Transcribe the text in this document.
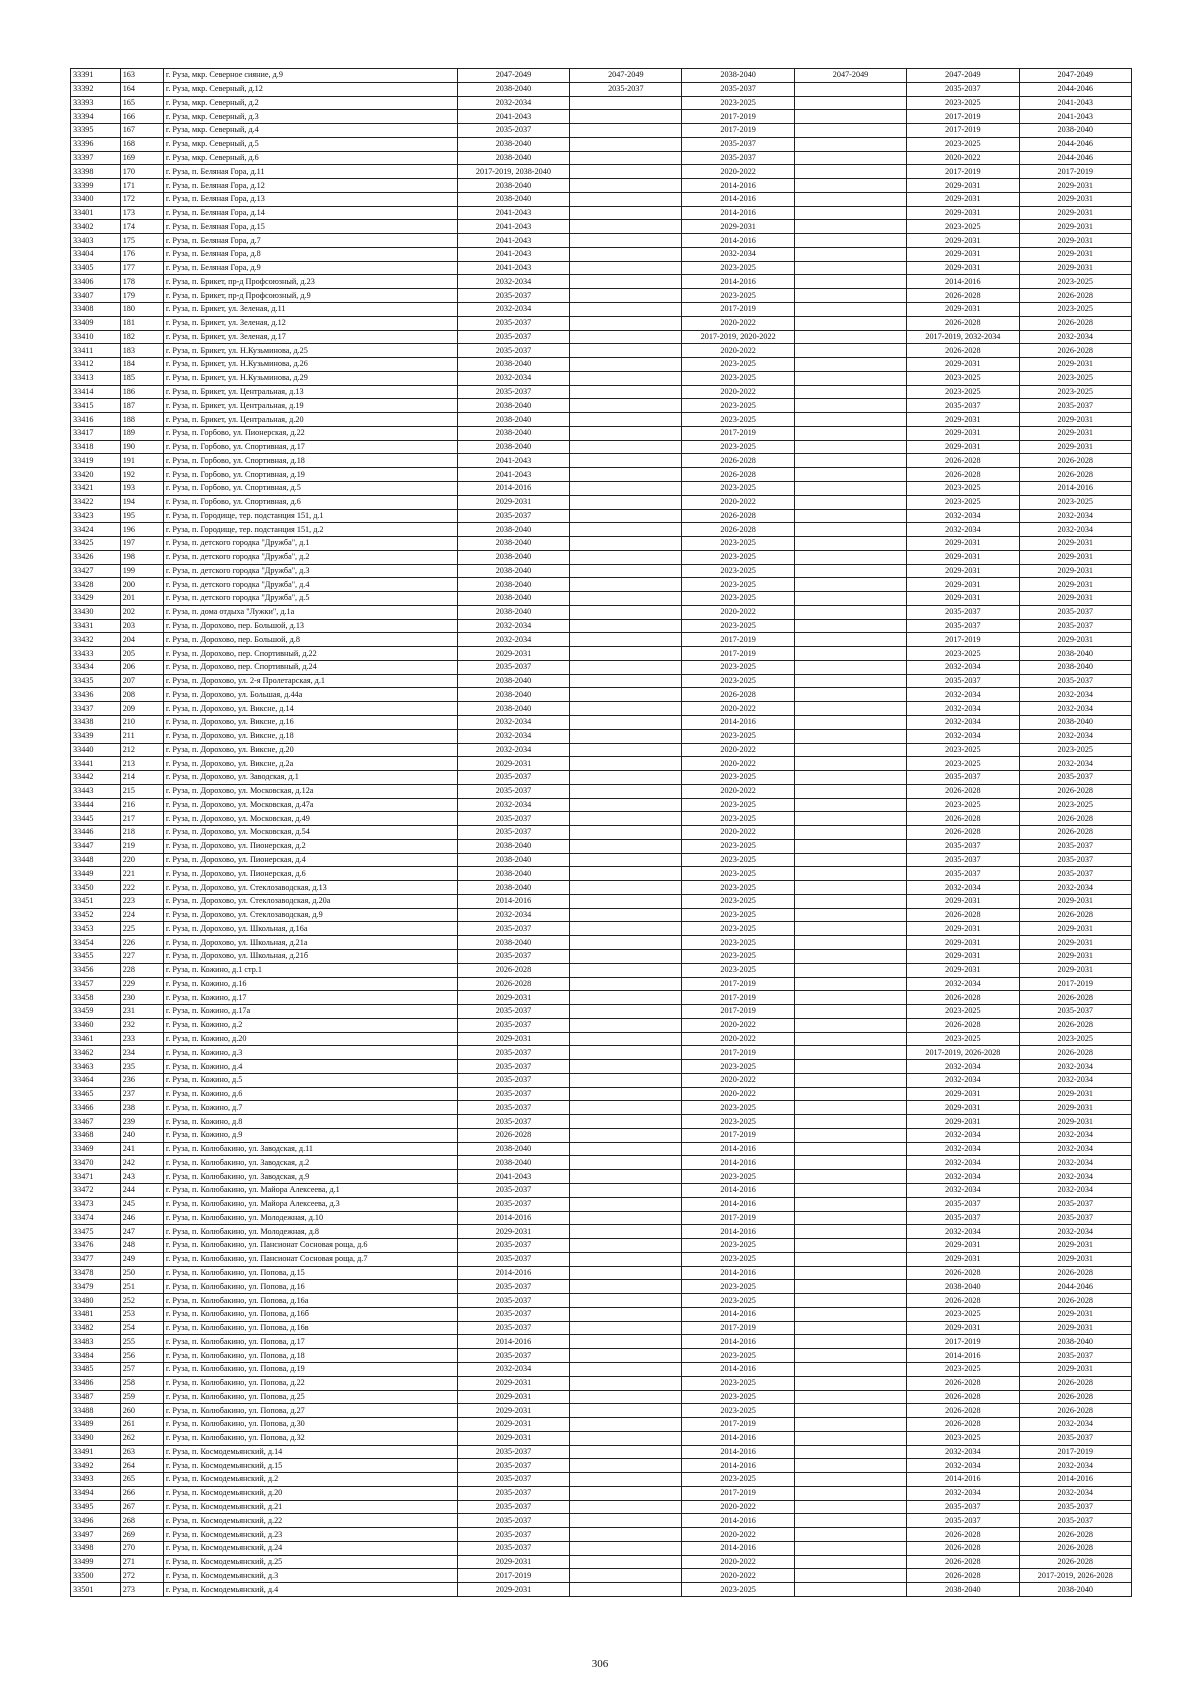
33391	163	г. Руза, мкр. Северное сияние, д.9	2047-2049	2047-2049	2038-2040	2047-2049	2047-2049	2047-2049
33392	164	г. Руза, мкр. Северный, д.12	2038-2040	2035-2037	2035-2037		2035-2037	2044-2046
33393	165	г. Руза, мкр. Северный, д.2	2032-2034		2023-2025		2023-2025	2041-2043
33394	166	г. Руза, мкр. Северный, д.3	2041-2043		2017-2019		2017-2019	2041-2043
33395	167	г. Руза, мкр. Северный, д.4	2035-2037		2017-2019		2017-2019	2038-2040
33396	168	г. Руза, мкр. Северный, д.5	2038-2040		2035-2037		2023-2025	2044-2046
33397	169	г. Руза, мкр. Северный, д.6	2038-2040		2035-2037		2020-2022	2044-2046
33398	170	г. Руза, п. Беляная Гора, д.11	2017-2019, 2038-2040		2020-2022		2017-2019	2017-2019
33399	171	г. Руза, п. Беляная Гора, д.12	2038-2040		2014-2016		2029-2031	2029-2031
33400	172	г. Руза, п. Беляная Гора, д.13	2038-2040		2014-2016		2029-2031	2029-2031
33401	173	г. Руза, п. Беляная Гора, д.14	2041-2043		2014-2016		2029-2031	2029-2031
33402	174	г. Руза, п. Беляная Гора, д.15	2041-2043		2029-2031		2023-2025	2029-2031
33403	175	г. Руза, п. Беляная Гора, д.7	2041-2043		2014-2016		2029-2031	2029-2031
33404	176	г. Руза, п. Беляная Гора, д.8	2041-2043		2032-2034		2029-2031	2029-2031
33405	177	г. Руза, п. Беляная Гора, д.9	2041-2043		2023-2025		2029-2031	2029-2031
33406	178	г. Руза, п. Брикет, пр-д Профсоюзный, д.23	2032-2034		2014-2016		2014-2016	2023-2025
33407	179	г. Руза, п. Брикет, пр-д Профсоюзный, д.9	2035-2037		2023-2025		2026-2028	2026-2028
33408	180	г. Руза, п. Брикет, ул. Зеленая, д.11	2032-2034		2017-2019		2029-2031	2023-2025
33409	181	г. Руза, п. Брикет, ул. Зеленая, д.12	2035-2037		2020-2022		2026-2028	2026-2028
33410	182	г. Руза, п. Брикет, ул. Зеленая, д.17	2035-2037		2017-2019, 2020-2022		2017-2019, 2032-2034	2032-2034
33411	183	г. Руза, п. Брикет, ул. Н.Кузьминова, д.25	2035-2037		2020-2022		2026-2028	2026-2028
33412	184	г. Руза, п. Брикет, ул. Н.Кузьминова, д.26	2038-2040		2023-2025		2029-2031	2029-2031
33413	185	г. Руза, п. Брикет, ул. Н.Кузьминова, д.29	2032-2034		2023-2025		2023-2025	2023-2025
33414	186	г. Руза, п. Брикет, ул. Центральная, д.13	2035-2037		2020-2022		2023-2025	2023-2025
33415	187	г. Руза, п. Брикет, ул. Центральная, д.19	2038-2040		2023-2025		2035-2037	2035-2037
33416	188	г. Руза, п. Брикет, ул. Центральная, д.20	2038-2040		2023-2025		2029-2031	2029-2031
33417	189	г. Руза, п. Горбово, ул. Пионерская, д.22	2038-2040		2017-2019		2029-2031	2029-2031
33418	190	г. Руза, п. Горбово, ул. Спортивная, д.17	2038-2040		2023-2025		2029-2031	2029-2031
33419	191	г. Руза, п. Горбово, ул. Спортивная, д.18	2041-2043		2026-2028		2026-2028	2026-2028
33420	192	г. Руза, п. Горбово, ул. Спортивная, д.19	2041-2043		2026-2028		2026-2028	2026-2028
33421	193	г. Руза, п. Горбово, ул. Спортивная, д.5	2014-2016		2023-2025		2023-2025	2014-2016
33422	194	г. Руза, п. Горбово, ул. Спортивная, д.6	2029-2031		2020-2022		2023-2025	2023-2025
33423	195	г. Руза, п. Городище, тер. подстанция 151, д.1	2035-2037		2026-2028		2032-2034	2032-2034
33424	196	г. Руза, п. Городище, тер. подстанция 151, д.2	2038-2040		2026-2028		2032-2034	2032-2034
33425	197	г. Руза, п. детского городка "Дружба", д.1	2038-2040		2023-2025		2029-2031	2029-2031
33426	198	г. Руза, п. детского городка "Дружба", д.2	2038-2040		2023-2025		2029-2031	2029-2031
33427	199	г. Руза, п. детского городка "Дружба", д.3	2038-2040		2023-2025		2029-2031	2029-2031
33428	200	г. Руза, п. детского городка "Дружба", д.4	2038-2040		2023-2025		2029-2031	2029-2031
33429	201	г. Руза, п. детского городка "Дружба", д.5	2038-2040		2023-2025		2029-2031	2029-2031
33430	202	г. Руза, п. дома отдыха "Лужки", д.1а	2038-2040		2020-2022		2035-2037	2035-2037
33431	203	г. Руза, п. Дорохово, пер. Большой, д.13	2032-2034		2023-2025		2035-2037	2035-2037
33432	204	г. Руза, п. Дорохово, пер. Большой, д.8	2032-2034		2017-2019		2017-2019	2029-2031
33433	205	г. Руза, п. Дорохово, пер. Спортивный, д.22	2029-2031		2017-2019		2023-2025	2038-2040
33434	206	г. Руза, п. Дорохово, пер. Спортивный, д.24	2035-2037		2023-2025		2032-2034	2038-2040
33435	207	г. Руза, п. Дорохово, ул. 2-я Пролетарская, д.1	2038-2040		2023-2025		2035-2037	2035-2037
33436	208	г. Руза, п. Дорохово, ул. Большая, д.44а	2038-2040		2026-2028		2032-2034	2032-2034
33437	209	г. Руза, п. Дорохово, ул. Виксне, д.14	2038-2040		2020-2022		2032-2034	2032-2034
33438	210	г. Руза, п. Дорохово, ул. Виксне, д.16	2032-2034		2014-2016		2032-2034	2038-2040
33439	211	г. Руза, п. Дорохово, ул. Виксне, д.18	2032-2034		2023-2025		2032-2034	2032-2034
33440	212	г. Руза, п. Дорохово, ул. Виксне, д.20	2032-2034		2020-2022		2023-2025	2023-2025
33441	213	г. Руза, п. Дорохово, ул. Виксне, д.2а	2029-2031		2020-2022		2023-2025	2032-2034
33442	214	г. Руза, п. Дорохово, ул. Заводская, д.1	2035-2037		2023-2025		2035-2037	2035-2037
33443	215	г. Руза, п. Дорохово, ул. Московская, д.12а	2035-2037		2020-2022		2026-2028	2026-2028
33444	216	г. Руза, п. Дорохово, ул. Московская, д.47а	2032-2034		2023-2025		2023-2025	2023-2025
33445	217	г. Руза, п. Дорохово, ул. Московская, д.49	2035-2037		2023-2025		2026-2028	2026-2028
33446	218	г. Руза, п. Дорохово, ул. Московская, д.54	2035-2037		2020-2022		2026-2028	2026-2028
33447	219	г. Руза, п. Дорохово, ул. Пионерская, д.2	2038-2040		2023-2025		2035-2037	2035-2037
33448	220	г. Руза, п. Дорохово, ул. Пионерская, д.4	2038-2040		2023-2025		2035-2037	2035-2037
33449	221	г. Руза, п. Дорохово, ул. Пионерская, д.6	2038-2040		2023-2025		2035-2037	2035-2037
33450	222	г. Руза, п. Дорохово, ул. Стеклозаводская, д.13	2038-2040		2023-2025		2032-2034	2032-2034
33451	223	г. Руза, п. Дорохово, ул. Стеклозаводская, д.20а	2014-2016		2023-2025		2029-2031	2029-2031
33452	224	г. Руза, п. Дорохово, ул. Стеклозаводская, д.9	2032-2034		2023-2025		2026-2028	2026-2028
33453	225	г. Руза, п. Дорохово, ул. Школьная, д.16а	2035-2037		2023-2025		2029-2031	2029-2031
33454	226	г. Руза, п. Дорохово, ул. Школьная, д.21а	2038-2040		2023-2025		2029-2031	2029-2031
33455	227	г. Руза, п. Дорохово, ул. Школьная, д.21б	2035-2037		2023-2025		2029-2031	2029-2031
33456	228	г. Руза, п. Кожино, д.1 стр.1	2026-2028		2023-2025		2029-2031	2029-2031
33457	229	г. Руза, п. Кожино, д.16	2026-2028		2017-2019		2032-2034	2017-2019
33458	230	г. Руза, п. Кожино, д.17	2029-2031		2017-2019		2026-2028	2026-2028
33459	231	г. Руза, п. Кожино, д.17а	2035-2037		2017-2019		2023-2025	2035-2037
33460	232	г. Руза, п. Кожино, д.2	2035-2037		2020-2022		2026-2028	2026-2028
33461	233	г. Руза, п. Кожино, д.20	2029-2031		2020-2022		2023-2025	2023-2025
33462	234	г. Руза, п. Кожино, д.3	2035-2037		2017-2019		2017-2019, 2026-2028	2026-2028
33463	235	г. Руза, п. Кожино, д.4	2035-2037		2023-2025		2032-2034	2032-2034
33464	236	г. Руза, п. Кожино, д.5	2035-2037		2020-2022		2032-2034	2032-2034
33465	237	г. Руза, п. Кожино, д.6	2035-2037		2020-2022		2029-2031	2029-2031
33466	238	г. Руза, п. Кожино, д.7	2035-2037		2023-2025		2029-2031	2029-2031
33467	239	г. Руза, п. Кожино, д.8	2035-2037		2023-2025		2029-2031	2029-2031
33468	240	г. Руза, п. Кожино, д.9	2026-2028		2017-2019		2032-2034	2032-2034
33469	241	г. Руза, п. Колюбакино, ул. Заводская, д.11	2038-2040		2014-2016		2032-2034	2032-2034
33470	242	г. Руза, п. Колюбакино, ул. Заводская, д.2	2038-2040		2014-2016		2032-2034	2032-2034
33471	243	г. Руза, п. Колюбакино, ул. Заводская, д.9	2041-2043		2023-2025		2032-2034	2032-2034
33472	244	г. Руза, п. Колюбакино, ул. Майора Алексеева, д.1	2035-2037		2014-2016		2032-2034	2032-2034
33473	245	г. Руза, п. Колюбакино, ул. Майора Алексеева, д.3	2035-2037		2014-2016		2035-2037	2035-2037
33474	246	г. Руза, п. Колюбакино, ул. Молодежная, д.10	2014-2016		2017-2019		2035-2037	2035-2037
33475	247	г. Руза, п. Колюбакино, ул. Молодежная, д.8	2029-2031		2014-2016		2032-2034	2032-2034
33476	248	г. Руза, п. Колюбакино, ул. Пансионат Сосновая роща, д.6	2035-2037		2023-2025		2029-2031	2029-2031
33477	249	г. Руза, п. Колюбакино, ул. Пансионат Сосновая роща, д.7	2035-2037		2023-2025		2029-2031	2029-2031
33478	250	г. Руза, п. Колюбакино, ул. Попова, д.15	2014-2016		2014-2016		2026-2028	2026-2028
33479	251	г. Руза, п. Колюбакино, ул. Попова, д.16	2035-2037		2023-2025		2038-2040	2044-2046
33480	252	г. Руза, п. Колюбакино, ул. Попова, д.16а	2035-2037		2023-2025		2026-2028	2026-2028
33481	253	г. Руза, п. Колюбакино, ул. Попова, д.16б	2035-2037		2014-2016		2023-2025	2029-2031
33482	254	г. Руза, п. Колюбакино, ул. Попова, д.16в	2035-2037		2017-2019		2029-2031	2029-2031
33483	255	г. Руза, п. Колюбакино, ул. Попова, д.17	2014-2016		2014-2016		2017-2019	2038-2040
33484	256	г. Руза, п. Колюбакино, ул. Попова, д.18	2035-2037		2023-2025		2014-2016	2035-2037
33485	257	г. Руза, п. Колюбакино, ул. Попова, д.19	2032-2034		2014-2016		2023-2025	2029-2031
33486	258	г. Руза, п. Колюбакино, ул. Попова, д.22	2029-2031		2023-2025		2026-2028	2026-2028
33487	259	г. Руза, п. Колюбакино, ул. Попова, д.25	2029-2031		2023-2025		2026-2028	2026-2028
33488	260	г. Руза, п. Колюбакино, ул. Попова, д.27	2029-2031		2023-2025		2026-2028	2026-2028
33489	261	г. Руза, п. Колюбакино, ул. Попова, д.30	2029-2031		2017-2019		2026-2028	2032-2034
33490	262	г. Руза, п. Колюбакино, ул. Попова, д.32	2029-2031		2014-2016		2023-2025	2035-2037
33491	263	г. Руза, п. Космодемьянский, д.14	2035-2037		2014-2016		2032-2034	2017-2019
33492	264	г. Руза, п. Космодемьянский, д.15	2035-2037		2014-2016		2032-2034	2032-2034
33493	265	г. Руза, п. Космодемьянский, д.2	2035-2037		2023-2025		2014-2016	2014-2016
33494	266	г. Руза, п. Космодемьянский, д.20	2035-2037		2017-2019		2032-2034	2032-2034
33495	267	г. Руза, п. Космодемьянский, д.21	2035-2037		2020-2022		2035-2037	2035-2037
33496	268	г. Руза, п. Космодемьянский, д.22	2035-2037		2014-2016		2035-2037	2035-2037
33497	269	г. Руза, п. Космодемьянский, д.23	2035-2037		2020-2022		2026-2028	2026-2028
33498	270	г. Руза, п. Космодемьянский, д.24	2035-2037		2014-2016		2026-2028	2026-2028
33499	271	г. Руза, п. Космодемьянский, д.25	2029-2031		2020-2022		2026-2028	2026-2028
33500	272	г. Руза, п. Космодемьянский, д.3	2017-2019		2020-2022		2026-2028	2017-2019, 2026-2028
33501	273	г. Руза, п. Космодемьянский, д.4	2029-2031		2023-2025		2038-2040	2038-2040
306
